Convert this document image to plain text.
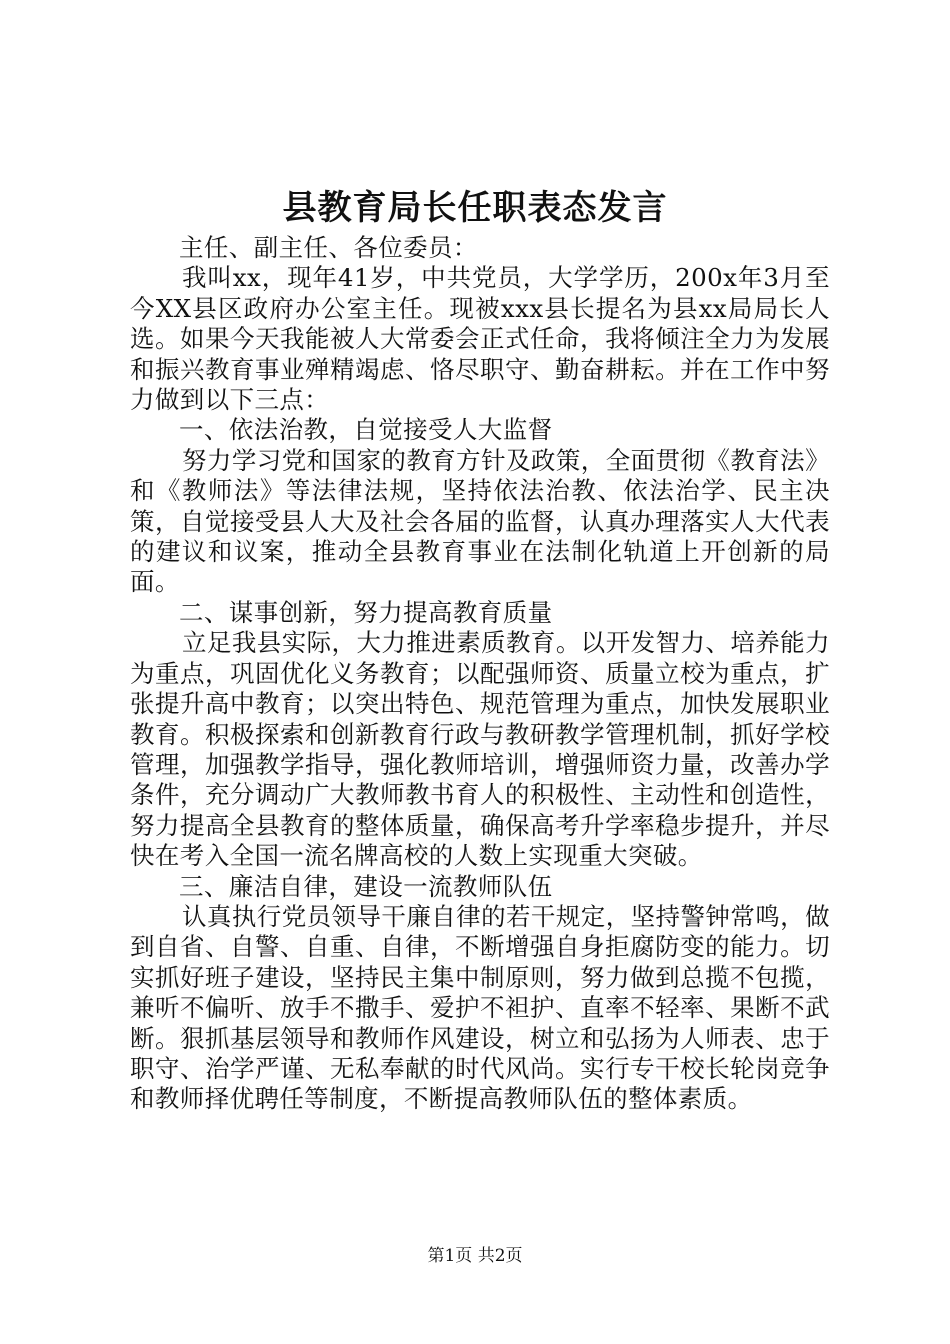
县教育局长任职表态发言

主任、副主任、各位委员：

我叫xx，现年41岁，中共党员，大学学历，200x年3月至今XX县区政府办公室主任。现被xxx县长提名为县xx局局长人选。如果今天我能被人大常委会正式任命，我将倾注全力为发展和振兴教育事业殚精竭虑、恪尽职守、勤奋耕耘。并在工作中努力做到以下三点：

一、依法治教，自觉接受人大监督

努力学习党和国家的教育方针及政策，全面贯彻《教育法》和《教师法》等法律法规，坚持依法治教、依法治学、民主决策，自觉接受县人大及社会各届的监督，认真办理落实人大代表的建议和议案，推动全县教育事业在法制化轨道上开创新的局面。

二、谋事创新，努力提高教育质量

立足我县实际，大力推进素质教育。以开发智力、培养能力为重点，巩固优化义务教育；以配强师资、质量立校为重点，扩张提升高中教育；以突出特色、规范管理为重点，加快发展职业教育。积极探索和创新教育行政与教研教学管理机制，抓好学校管理，加强教学指导，强化教师培训，增强师资力量，改善办学条件，充分调动广大教师教书育人的积极性、主动性和创造性，努力提高全县教育的整体质量，确保高考升学率稳步提升，并尽快在考入全国一流名牌高校的人数上实现重大突破。

三、廉洁自律，建设一流教师队伍

认真执行党员领导干廉自律的若干规定，坚持警钟常鸣，做到自省、自警、自重、自律，不断增强自身拒腐防变的能力。切实抓好班子建设，坚持民主集中制原则，努力做到总揽不包揽，兼听不偏听、放手不撒手、爱护不袒护、直率不轻率、果断不武断。狠抓基层领导和教师作风建设，树立和弘扬为人师表、忠于职守、治学严谨、无私奉献的时代风尚。实行专干校长轮岗竞争和教师择优聘任等制度，不断提高教师队伍的整体素质。

第1页 共2页
